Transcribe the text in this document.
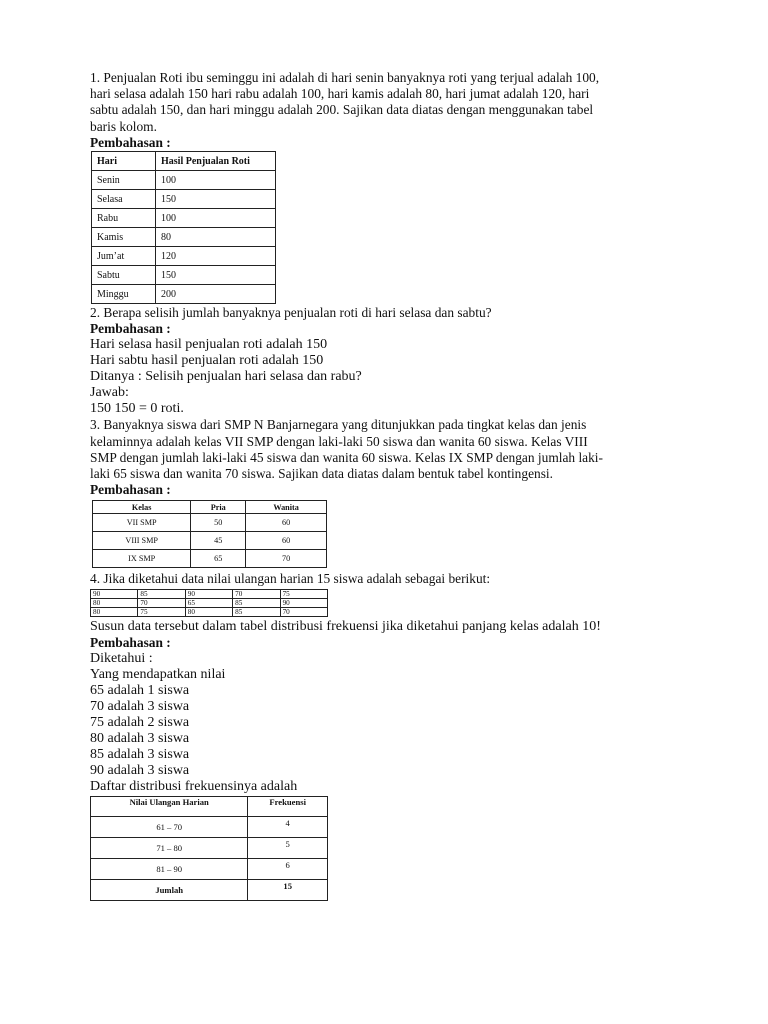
1. Penjualan Roti ibu seminggu ini adalah di hari senin banyaknya roti yang terjual adalah 100,

hari selasa adalah 150 hari rabu adalah 100, hari kamis adalah 80, hari jumat adalah 120, hari

sabtu adalah 150, dan hari minggu adalah 200. Sajikan data diatas dengan menggunakan tabel

baris kolom.

Pembahasan :

Hari	Hasil Penjualan Roti
Senin	100
Selasa	150
Rabu	100
Kamis	80
Jum’at	120
Sabtu	150
Minggu	200

2. Berapa selisih jumlah banyaknya penjualan roti di hari selasa dan sabtu?

Pembahasan :

Hari selasa hasil penjualan roti adalah 150

Hari sabtu hasil penjualan roti adalah 150

Ditanya : Selisih penjualan hari selasa dan rabu?

Jawab:

150 150 = 0 roti.

3. Banyaknya siswa dari SMP N Banjarnegara yang ditunjukkan pada tingkat kelas dan jenis

kelaminnya adalah kelas VII SMP dengan laki-laki 50 siswa dan wanita 60 siswa. Kelas VIII

SMP dengan jumlah laki-laki 45 siswa dan wanita 60 siswa. Kelas IX SMP dengan jumlah laki-

laki 65 siswa dan wanita 70 siswa. Sajikan data diatas dalam bentuk tabel kontingensi.

Pembahasan :

Kelas	Pria	Wanita
VII SMP	50	60
VIII SMP	45	60
IX SMP	65	70

4. Jika diketahui data nilai ulangan harian 15 siswa adalah sebagai berikut:

90	85	90	70	75
80	70	65	85	90
80	75	80	85	70

Susun data tersebut dalam tabel distribusi frekuensi jika diketahui panjang kelas adalah 10!

Pembahasan :

Diketahui :

Yang mendapatkan nilai

65 adalah 1 siswa

70 adalah 3 siswa

75 adalah 2 siswa

80 adalah 3 siswa

85 adalah 3 siswa

90 adalah 3 siswa

Daftar distribusi frekuensinya adalah

Nilai Ulangan Harian	Frekuensi
61 – 70	4
71 – 80	5
81 – 90	6
Jumlah	15
